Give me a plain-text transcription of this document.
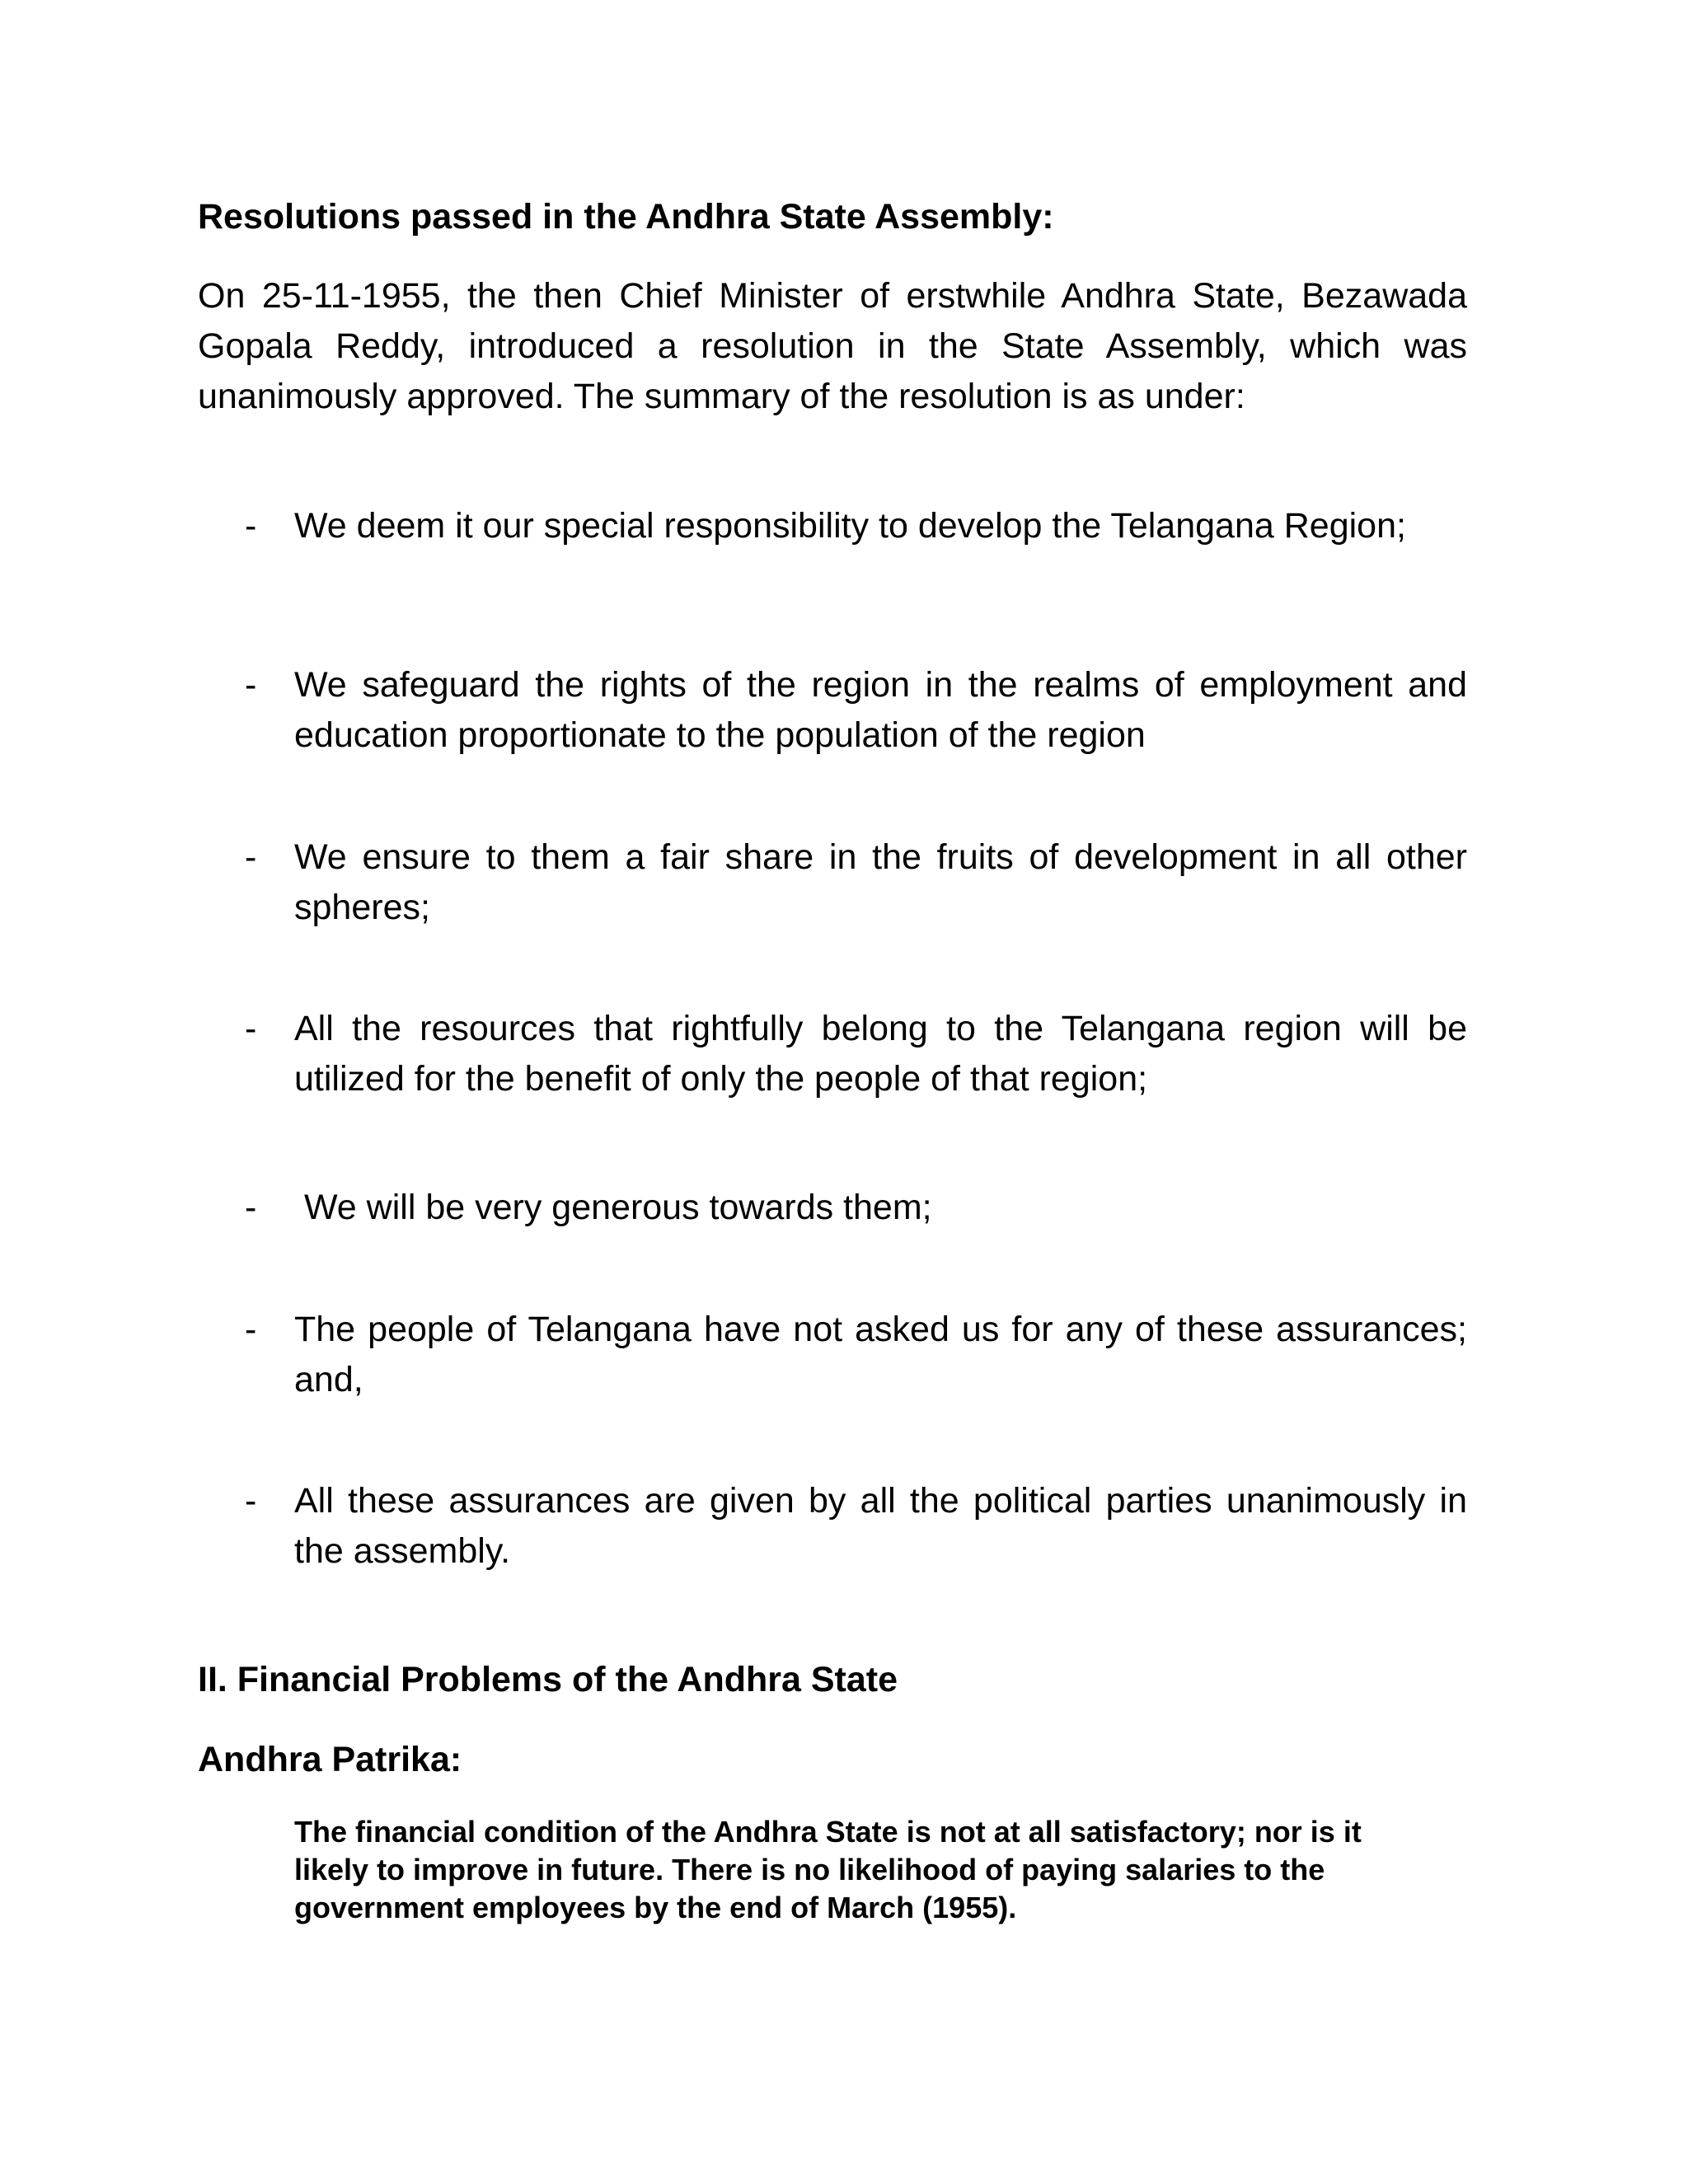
Resolutions passed in the Andhra State Assembly:
On 25-11-1955, the then Chief Minister of erstwhile Andhra State, Bezawada Gopala Reddy, introduced a resolution in the State Assembly, which was unanimously approved. The summary of the resolution is as under:
- We deem it our special responsibility to develop the Telangana Region;
- We safeguard the rights of the region in the realms of employment and education proportionate to the population of the region
- We ensure to them a fair share in the fruits of development in all other spheres;
- All the resources that rightfully belong to the Telangana region will be utilized for the benefit of only the people of that region;
- We will be very generous towards them;
- The people of Telangana have not asked us for any of these assurances; and,
- All these assurances are given by all the political parties unanimously in the assembly.
II. Financial Problems of the Andhra State
Andhra Patrika:
The financial condition of the Andhra State is not at all satisfactory; nor is it likely to improve in future. There is no likelihood of paying salaries to the government employees by the end of March (1955).
